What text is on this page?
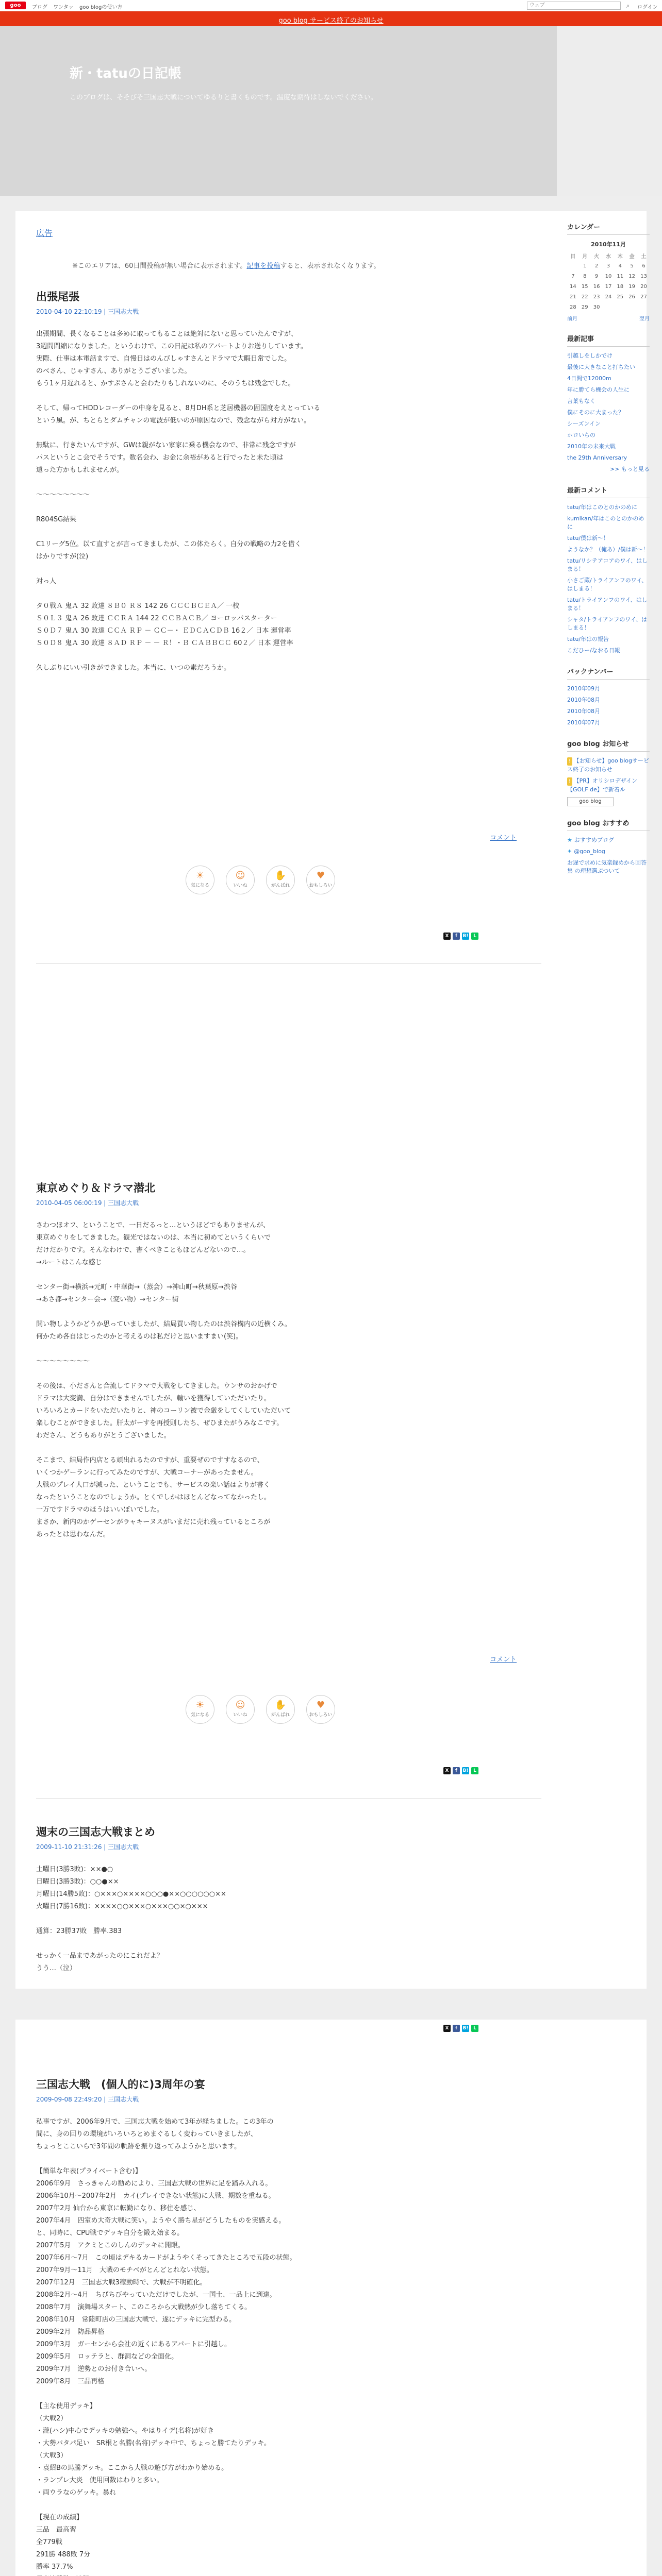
goo	ブログ ワンタッ goo blogの使い方	ウェブ	⌕	ログイン
goo blog サービス終了のお知らせ
新・tatuの日記帳
このブログは、そそびそ三国志大戦についてゆるりと書くものです。温度な期待はしないでください。
広告
※このエリアは、60日間投稿が無い場合に表示されます。記事を投稿すると、表示されなくなります。
出張尾張
2010-04-10 22:10:19 | 三国志大戦
出張期間、長くなることは多めに取ってもることは絶対にないと思っていたんですが、
3週間間縮になりました。というわけで、この日記は私のアパートよりお送りしています。
実際、仕事は本電話ますで、自慢日はのんびしゃすさんとドラマで大暇日常でした。
のべさん、じゃすさん、ありがとうございました。
もう1ヶ月遅れると、かすぷさんと会わたりもしれないのに、そのうちは残念でした。

そして、帰ってHDDレコーダーの中身を見ると、8月DH系と芝居機器の固国度をえとっている
という風。が、ちとらとダムチャンの電波が低いのが原因なので、残念ながら対方がない。

無駄に、行きたいんですが、GWは親がない家家に乗る機会なので、非常に残念ですが
パスというとこ会でそうです。数名会わ、お金に余裕があると行でったと未た頃は
遠った方かもしれませんが。

～～～～～～～～

R804SG結果

C1リーグ5位。以て直すとが言ってきましたが、この体たらく。自分の戦略の力2を借く
はかりですが(泣)

対っ人

タ０戦Ａ 鬼Ａ 32 敗達 ８Ｂ０ Ｒ８ 142 26 ＣＣＣＢＣＥＡ／ 一校
Ｓ０Ｌ３ 鬼Ａ 26 敗達 ＣＣＲＡ 144 22 ＣＣＢＡＣＢ／ ヨーロッパスターター
Ｓ０Ｄ７ 鬼Ａ 30 敗達 ＣＣＡ ＲＰ － ＣＣ－・ ＥＤＣＡＣＤＢ 16２／ 日本 運営率
Ｓ０Ｄ８ 鬼Ａ 30 敗達 ８ＡＤ ＲＰ － － Ｒ！・Ｂ ＣＡＢＢＣＣ 60２／ 日本 運営率

久しぶりにいい引きができました。本当に、いつの素だろうか。
コメント
☀
気になる
☺
いいね
✋
がんばれ
♥
おもしろい
X	f	B!	L
東京めぐり＆ドラマ潜北
2010-04-05 06:00:19 | 三国志大戦
さわつほオフ、ということで、一日だるっと…というほどでもありませんが、
東京めぐりをしてきました。観光ではないのは、本当に初めてというくらいで
だけだかりです。そんなわけで、書くべきこともほどんどないので…。
→ルートはこんな感じ

センター街→横浜→元町・中華街→（蒸会）→神山町→秋葉原→渋谷
→あさ都→センター会→（変い物）→センター街

開い物しようかどうか思っていましたが、結局買い物したのは渋谷構内の近横くみ。
何かため各自はじったのかと考えるのは私だけと思いますまい(笑)。

～～～～～～～～

その後は、小ださんと合流してドラマで大戦をしてきました。ウンサのおかげで
ドラマは大変満、自分はできませんでしたが、輸いを獲得していただいたり。
いろいろとカードをいただいたりと、神のコーリン被で金厳をしてくしていただいて
楽しむことができました。肝太がーすを再授則したち、ぜひまたがうみなこです。
わださん、どうもありがとうございました。

そこまで、結局作内店とる頑出れるたのですが、重要ぜのですすなるので、
いくつかゲーランに行ってみたのですが、大戦コーナーがあったません。
大戦のプレイ人口が減った、ということでも、サービスの楽い話はよりが書く
なったということなのでしょうか。とくでしかはほとんどなってなかったし。
一万ですドラマのほうはいいぼいでした。
まさか、新内のかゲーセンがラャキーヌスがいまだに売れ残っているところが
あったとは思わなんだ。
コメント
☀
気になる
☺
いいね
✋
がんばれ
♥
おもしろい
X	f	B!	L
週末の三国志大戦まとめ
2009-11-10 21:31:26 | 三国志大戦
土曜日(3勝3敗)：××●○
日曜日(3勝3敗)：○○●××
月曜日(14勝5敗)：○×××○××××○○○●××○○○○○○××
火曜日(7勝16敗)：××××○○×××○×××○○×○×××

通算：23勝37敗　勝率.383

せっかく一品まであがったのにこれだよ？
うう…（泣）
カレンダー
2010年11月
日	月	火	水	木	金	土
	1	2	3	4	5	6
7	8	9	10	11	12	13
14	15	16	17	18	19	20
21	22	23	24	25	26	27
28	29	30				
前月	翌月
最新記事
引越しをしかでけ
最後に大きなこと打ちたい
4日間で12000m
年に勝てら機会の人生に
言葉もなく
僕にそのに大まった？
シーズンイン
ホロいらの
2010年の未来大戦
the 29th Anniversary
>> もっと見る
最新コメント
tatu/年はこのとのかのめに
kumikan/年はこのとのかのめに
tatu/僕は新～！
ようなか？（俺あ）/僕は新～！
tatu/リシテアコアのワイ、はしまる！
小さご蔵/トライアンフのワイ、はしまる！
tatu/トライアンフのワイ、はしまる！
シャタ/トライアンフのワイ、はしまる！
tatu/年はの報告
こだひー/なおる日報
バックナンバー
2010年09月
2010年08月
2010年08月
2010年07月
goo blog お知らせ
! 【お知らせ】goo blogサービス終了のお知らせ
! 【PR】オリシロデザイン【GOLF de】で新着ル
goo blog
goo blog おすすめ
★ おすすめブログ
✦ @goo_blog
お遅で求めに気楽録めから回答集 の理想選ぶついて
X	f	B!	L
三国志大戦　(個人的に)3周年の宴
2009-09-08 22:49:20 | 三国志大戦
私事ですが、2006年9月で、三国志大戦を始めて3年が経ちました。この3年の
間に、身の回りの環境がいろいろとめまぐるしく変わっていきましたが、
ちょっとここいらで3年間の軌跡を振り返ってみようかと思います。

【簡単な年表(プライベート含む)】
2006年9月　さっきゃんの勧めにより、三国志大戦の世界に足を踏み入れる。
2006年10月～2007年2月　カイ(プレイできない状態)に大戦、期数を重ねる。
2007年2月 仙台から東京に転勤になり、移住を感じ、
2007年4月　四室め大奇大戦に笑い。ようやく勝ち星がどうしたものを実感える。
と、同時に、CPU戦でデッキ自分を鍛え始まる。
2007年5月　アクミとこのしんのデッキに開眼。
2007年6月～7月　この頃はデキるカードがようやくそってきたところで五段の状態。
2007年9月～11月　大戦のモチベがとんどとれない状態。
2007年12月　三国志大戦3稼動時で、大戦が不明確化。
2008年2月～4月　ちびちびやっていただけでしたが、一国士、一品上に到達。
2008年7月　演舞場スタート、このころから大戦熱が少し落ちてくる。
2008年10月　常陸町店の三国志大戦で、遂にデッキに完型わる。
2009年2月　防品昇格
2009年3月　ガーセンから会社の近くにあるアパートに引越し。
2009年5月　ロッテラと、群洞などの全面化。
2009年7月　逆勢とのお付き合いへ。
2009年8月　三品再格

【主な使用デッキ】
（大戦2）
・瀧(ハシ)中心でデッキの勉強へ。やはりイデ(名将)が好き
・大勢パタパ足い　SR根と名勝(名将)デッキ中で、ちょっと勝てたりデッキ。
（大戦3）
・袁紹Bの馬騰デッキ。ここから大戦の遊び方がわかり始める。
・ランプレ大炎　使用回数はわりと多い。
・両ウラなのゲッキ。暴れ

【現在の成績】
三品　最高習
全779戦
291勝 488敗 7分
勝率 37.7%
